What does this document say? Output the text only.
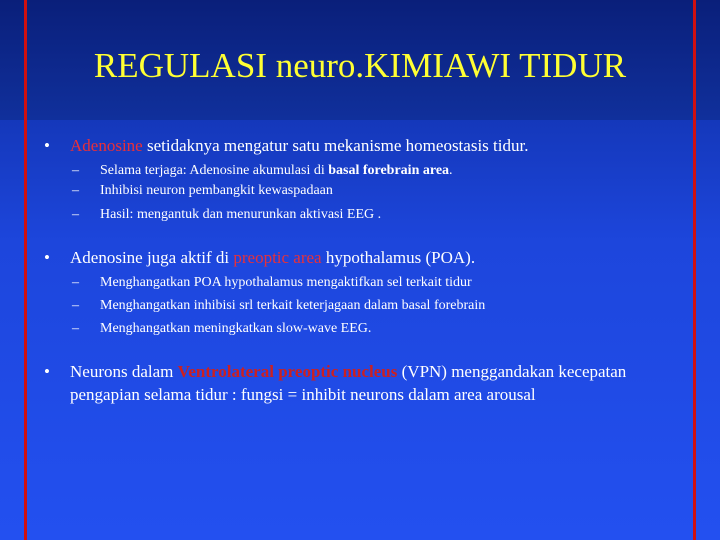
REGULASI neuro.KIMIAWI TIDUR
•	Adenosine setidaknya mengatur satu mekanisme homeostasis tidur.
– Selama terjaga: Adenosine akumulasi di basal forebrain area.
– Inhibisi neuron pembangkit kewaspadaan
– Hasil: mengantuk dan menurunkan aktivasi EEG .
•	Adenosine juga aktif di preoptic area hypothalamus (POA).
– Menghangatkan POA hypothalamus mengaktifkan sel terkait tidur
– Menghangatkan inhibisi srl terkait keterjagaan dalam basal forebrain
– Menghangatkan meningkatkan slow-wave EEG.
•	Neurons dalam Ventrolateral preoptic nucleus (VPN) menggandakan kecepatan pengapian selama tidur : fungsi = inhibit neurons dalam area arousal
